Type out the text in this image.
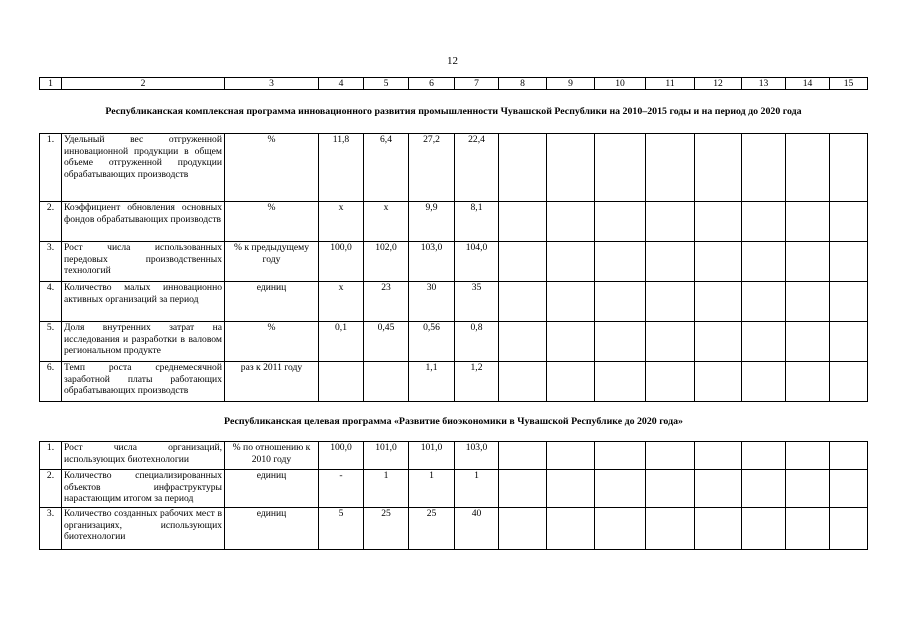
12
1	2	3	4	5	6	7	8	9	10	11	12	13	14	15
Республиканская комплексная программа инновационного развития промышленности Чувашской Республики на 2010–2015 годы и на период до 2020 года														
1.	Удельный вес отгруженной инновационной продукции в общем объеме отгруженной продукции обрабатывающих производств	%	11,8	6,4	27,2	22,4								
2.	Коэффициент обновления основных фондов обрабатывающих производств	%	х	х	9,9	8,1								
3.	Рост числа использованных передовых производственных технологий	% к предыдущему году	100,0	102,0	103,0	104,0								
4.	Количество малых инновационно активных организаций за период	единиц	х	23	30	35								
5.	Доля внутренних затрат на исследования и разработки в валовом региональном продукте	%	0,1	0,45	0,56	0,8								
6.	Темп роста среднемесячной заработной платы работающих обрабатывающих производств	раз к 2011 году			1,1	1,2								
Республиканская целевая программа «Развитие биоэкономики в Чувашской Республике до 2020 года»														
1.	Рост числа организаций, использующих биотехнологии	% по отношению к 2010 году	100,0	101,0	101,0	103,0								
2.	Количество специализированных объектов инфраструктуры нарастающим итогом за период	единиц	-	1	1	1								
3.	Количество созданных рабочих мест в организациях, использующих биотехнологии	единиц	5	25	25	40								
